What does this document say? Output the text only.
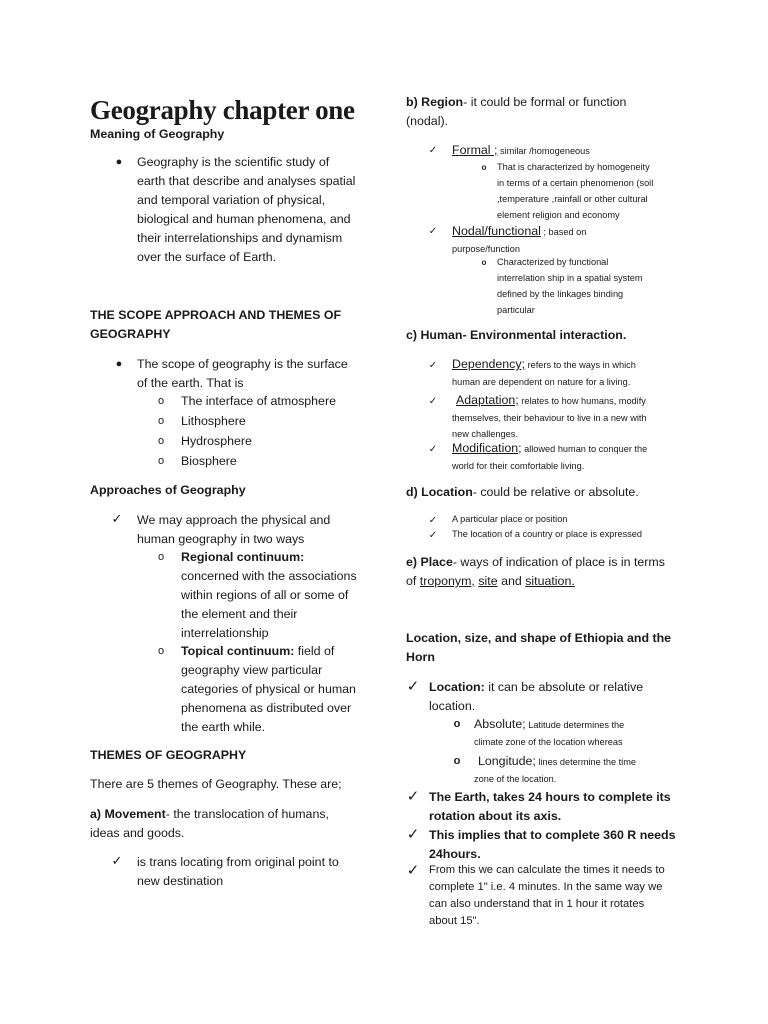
Geography chapter one
Meaning of Geography
● Geography is the scientific study of
earth that describe and analyses spatial
and temporal variation of physical,
biological and human phenomena, and
their interrelationships and dynamism
over the surface of Earth.
THE SCOPE APPROACH AND THEMES OF
GEOGRAPHY
● The scope of geography is the surface
of the earth. That is
o The interface of atmosphere
o Lithosphere
o Hydrosphere
o Biosphere
Approaches of Geography
✓ We may approach the physical and
human geography in two ways
o Regional continuum:
concerned with the associations
within regions of all or some of
the element and their
interrelationship
o Topical continuum: field of
geography view particular
categories of physical or human
phenomena as distributed over
the earth while.
THEMES OF GEOGRAPHY
There are 5 themes of Geography. These are;
a) Movement- the translocation of humans,
ideas and goods.
✓ is trans locating from original point to
new destination
b) Region- it could be formal or function
(nodal).
✓ Formal ; similar /homogeneous
o That is characterized by homogeneity
in terms of a certain phenomenon (soil
,temperature ,rainfall or other cultural
element religion and economy
✓ Nodal/functional ; based on
purpose/function
o Characterized by functional
interrelation ship in a spatial system
defined by the linkages binding
particular
c) Human- Environmental interaction.
✓ Dependency; refers to the ways in which
human are dependent on nature for a living.
✓	Adaptation; relates to how humans, modify
themselves, their behaviour to live in a new with
new challenges.
✓ Modification; allowed human to conquer the
world for their comfortable living.
d) Location- could be relative or absolute.
✓	A particular place or position
✓	The location of a country or place is expressed
e) Place- ways of indication of place is in terms
of troponym, site and situation.
Location, size, and shape of Ethiopia and the
Horn
✓ Location: it can be absolute or relative
location.
o Absolute; Latitude determines the
climate zone of the location whereas
o	Longitude; lines determine the time
zone of the location.
✓ The Earth, takes 24 hours to complete its
rotation about its axis.
✓ This implies that to complete 360 R needs
24hours.
✓ From this we can calculate the times it needs to
complete 1" i.e. 4 minutes. In the same way we
can also understand that in 1 hour it rotates
about 15".
